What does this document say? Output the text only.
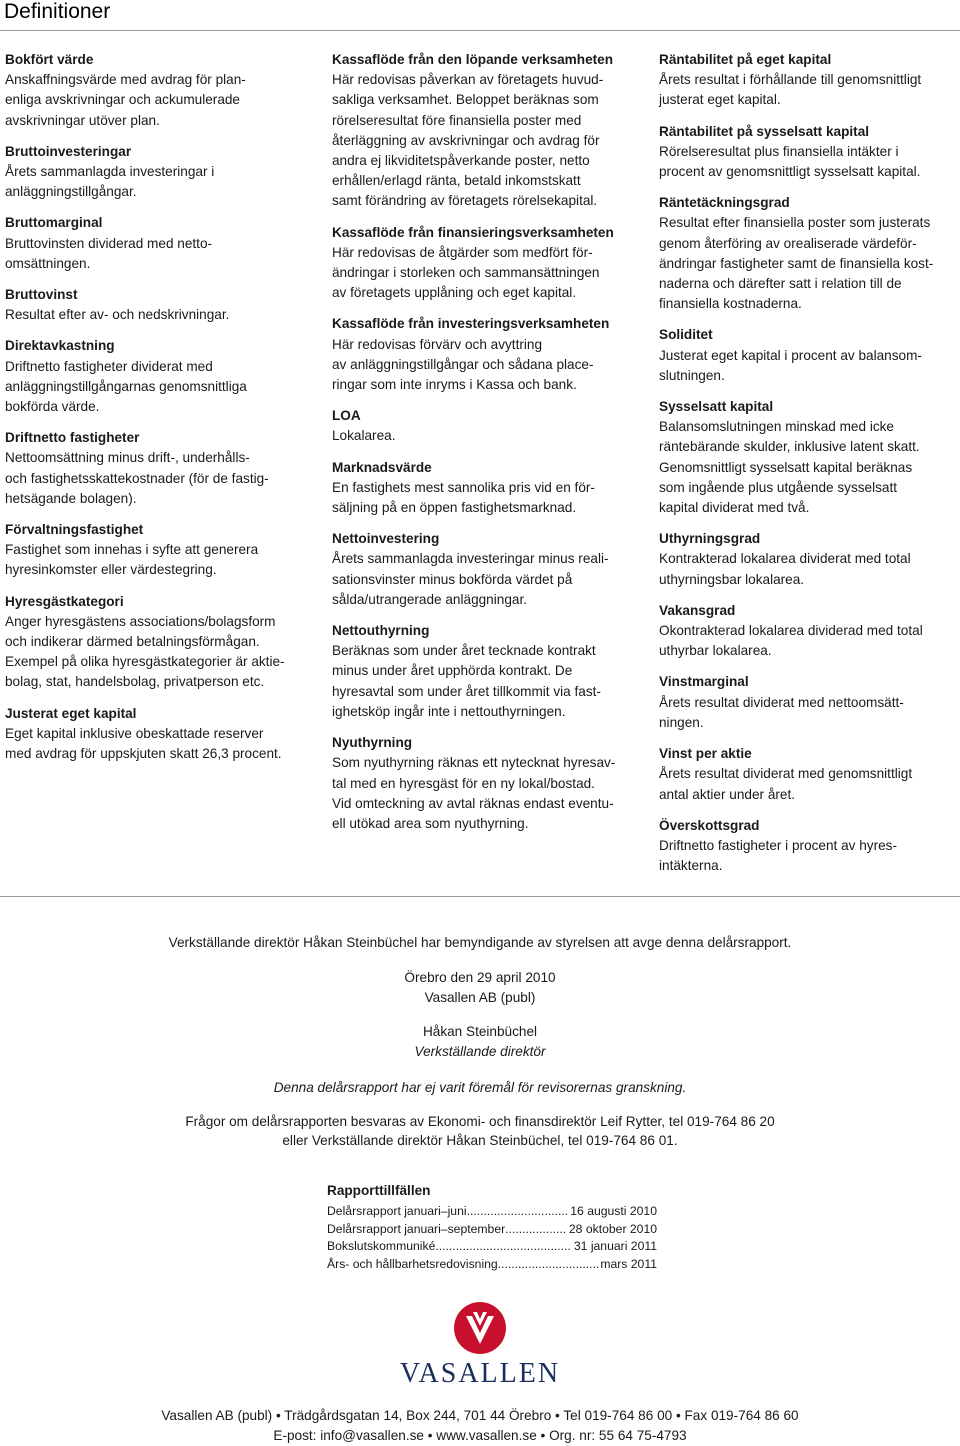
Definitioner
Bokfört värde
Anskaffningsvärde med avdrag för plan-
enliga avskrivningar och ackumulerade
avskrivningar utöver plan.
Bruttoinvesteringar
Årets sammanlagda investeringar i
anläggningstillgångar.
Bruttomarginal
Bruttovinsten dividerad med netto-
omsättningen.
Bruttovinst
Resultat efter av- och nedskrivningar.
Direktavkastning
Driftnetto fastigheter dividerat med
anläggningstillgångarnas genomsnittliga
bokförda värde.
Driftnetto fastigheter
Nettoomsättning minus drift-, underhålls-
och fastighetsskattekostnader (för de fastig-
hetsägande bolagen).
Förvaltningsfastighet
Fastighet som innehas i syfte att generera
hyresinkomster eller värdestegring.
Hyresgästkategori
Anger hyresgästens associations/bolagsform
och indikerar därmed betalningsförmågan.
Exempel på olika hyresgästkategorier är aktie-
bolag, stat, handelsbolag, privatperson etc.
Justerat eget kapital
Eget kapital inklusive obeskattade reserver
med avdrag för uppskjuten skatt 26,3 procent.
Kassaflöde från den löpande verksamheten
Här redovisas påverkan av företagets huvud-
sakliga verksamhet. Beloppet beräknas som
rörelseresultat före finansiella poster med
återläggning av avskrivningar och avdrag för
andra ej likviditetspåverkande poster, netto
erhållen/erlagd ränta, betald inkomstskatt
samt förändring av företagets rörelsekapital.
Kassaflöde från finansieringsverksamheten
Här redovisas de åtgärder som medfört för-
ändringar i storleken och sammansättningen
av företagets upplåning och eget kapital.
Kassaflöde från investeringsverksamheten
Här redovisas förvärv och avyttring
av anläggningstillgångar och sådana place-
ringar som inte inryms i Kassa och bank.
LOA
Lokalarea.
Marknadsvärde
En fastighets mest sannolika pris vid en för-
säljning på en öppen fastighetsmarknad.
Nettoinvestering
Årets sammanlagda investeringar minus reali-
sationsvinster minus bokförda värdet på
sålda/utrangerade anläggningar.
Nettouthyrning
Beräknas som under året tecknade kontrakt
minus under året upphörda kontrakt. De
hyresavtal som under året tillkommit via fast-
ighetsköp ingår inte i nettouthyrningen.
Nyuthyrning
Som nyuthyrning räknas ett nytecknat hyresav-
tal med en hyresgäst för en ny lokal/bostad.
Vid omteckning av avtal räknas endast eventu-
ell utökad area som nyuthyrning.
Räntabilitet på eget kapital
Årets resultat i förhållande till genomsnittligt
justerat eget kapital.
Räntabilitet på sysselsatt kapital
Rörelseresultat plus finansiella intäkter i
procent av genomsnittligt sysselsatt kapital.
Räntetäckningsgrad
Resultat efter finansiella poster som justerats
genom återföring av orealiserade värdeför-
ändringar fastigheter samt de finansiella kost-
naderna och därefter satt i relation till de
finansiella kostnaderna.
Soliditet
Justerat eget kapital i procent av balansom-
slutningen.
Sysselsatt kapital
Balansomslutningen minskad med icke
räntebärande skulder, inklusive latent skatt.
Genomsnittligt sysselsatt kapital beräknas
som ingående plus utgående sysselsatt
kapital dividerat med två.
Uthyrningsgrad
Kontrakterad lokalarea dividerat med total
uthyrningsbar lokalarea.
Vakansgrad
Okontrakterad lokalarea dividerad med total
uthyrbar lokalarea.
Vinstmarginal
Årets resultat dividerat med nettoomsätt-
ningen.
Vinst per aktie
Årets resultat dividerat med genomsnittligt
antal aktier under året.
Överskottsgrad
Driftnetto fastigheter i procent av hyres-
intäkterna.
Verkställande direktör Håkan Steinbüchel har bemyndigande av styrelsen att avge denna delårsrapport.
Örebro den 29 april 2010
Vasallen AB (publ)
Håkan Steinbüchel
Verkställande direktör
Denna delårsrapport har ej varit föremål för revisorernas granskning.
Frågor om delårsrapporten besvaras av Ekonomi- och finansdirektör Leif Rytter, tel 019-764 86 20
eller Verkställande direktör Håkan Steinbüchel, tel 019-764 86 01.
Rapporttillfällen
Delårsrapport januari–juni .....	16 augusti 2010
Delårsrapport januari–september .....	28 oktober 2010
Bokslutskommuniké .....	31 januari 2011
Års- och hållbarhetsredovisning .....	mars 2011
VASALLEN
Vasallen AB (publ) • Trädgårdsgatan 14, Box 244, 701 44 Örebro • Tel 019-764 86 00 • Fax 019-764 86 60
E-post: info@vasallen.se • www.vasallen.se • Org. nr: 55 64 75-4793
